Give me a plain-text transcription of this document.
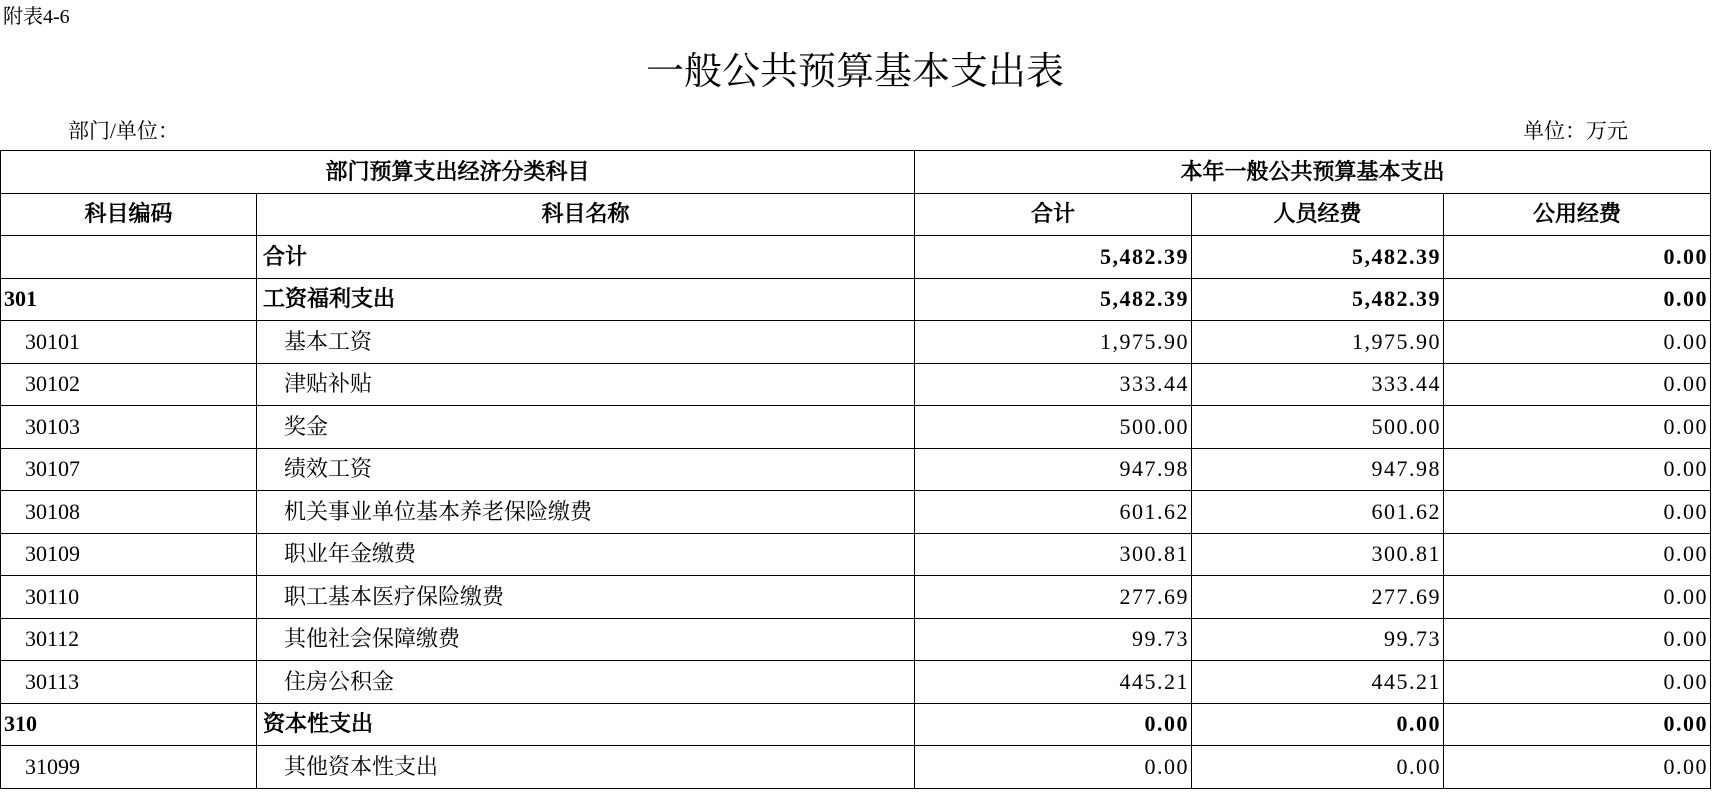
附表4-6
一般公共预算基本支出表
部门/单位：	单位：万元
部门预算支出经济分类科目		本年一般公共预算基本支出		
科目编码	科目名称	合计	人员经费	公用经费
	合计	5,482.39	5,482.39	0.00
301	工资福利支出	5,482.39	5,482.39	0.00
30101	基本工资	1,975.90	1,975.90	0.00
30102	津贴补贴	333.44	333.44	0.00
30103	奖金	500.00	500.00	0.00
30107	绩效工资	947.98	947.98	0.00
30108	机关事业单位基本养老保险缴费	601.62	601.62	0.00
30109	职业年金缴费	300.81	300.81	0.00
30110	职工基本医疗保险缴费	277.69	277.69	0.00
30112	其他社会保障缴费	99.73	99.73	0.00
30113	住房公积金	445.21	445.21	0.00
310	资本性支出	0.00	0.00	0.00
31099	其他资本性支出	0.00	0.00	0.00
